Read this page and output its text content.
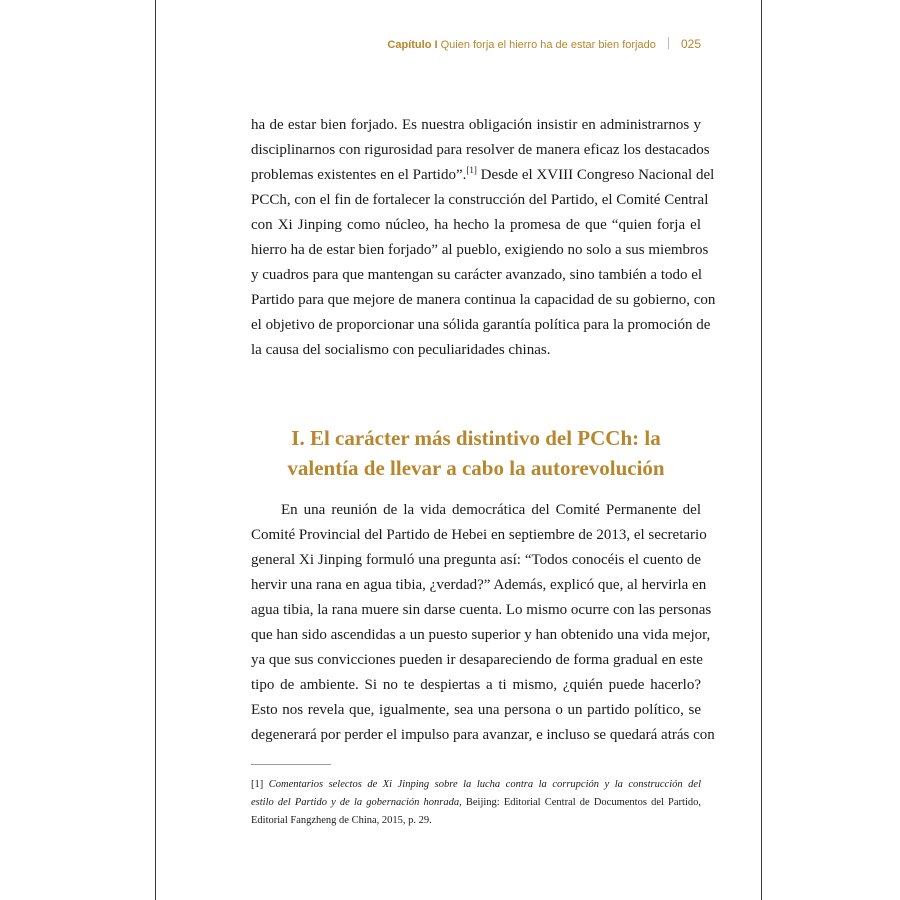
Capítulo I Quien forja el hierro ha de estar bien forjado 025
ha de estar bien forjado. Es nuestra obligación insistir en administrarnos y
disciplinarnos con rigurosidad para resolver de manera eficaz los destacados
problemas existentes en el Partido”.[1] Desde el XVIII Congreso Nacional del
PCCh, con el fin de fortalecer la construcción del Partido, el Comité Central
con Xi Jinping como núcleo, ha hecho la promesa de que “quien forja el
hierro ha de estar bien forjado” al pueblo, exigiendo no solo a sus miembros
y cuadros para que mantengan su carácter avanzado, sino también a todo el
Partido para que mejore de manera continua la capacidad de su gobierno, con
el objetivo de proporcionar una sólida garantía política para la promoción de
la causa del socialismo con peculiaridades chinas.
I. El carácter más distintivo del PCCh: la
valentía de llevar a cabo la autorevolución
En una reunión de la vida democrática del Comité Permanente del
Comité Provincial del Partido de Hebei en septiembre de 2013, el secretario
general Xi Jinping formuló una pregunta así: “Todos conocéis el cuento de
hervir una rana en agua tibia, ¿verdad?” Además, explicó que, al hervirla en
agua tibia, la rana muere sin darse cuenta. Lo mismo ocurre con las personas
que han sido ascendidas a un puesto superior y han obtenido una vida mejor,
ya que sus convicciones pueden ir desapareciendo de forma gradual en este
tipo de ambiente. Si no te despiertas a ti mismo, ¿quién puede hacerlo?
Esto nos revela que, igualmente, sea una persona o un partido político, se
degenerará por perder el impulso para avanzar, e incluso se quedará atrás con
[1] Comentarios selectos de Xi Jinping sobre la lucha contra la corrupción y la construcción del
estilo del Partido y de la gobernación honrada, Beijing: Editorial Central de Documentos del Partido,
Editorial Fangzheng de China, 2015, p. 29.
